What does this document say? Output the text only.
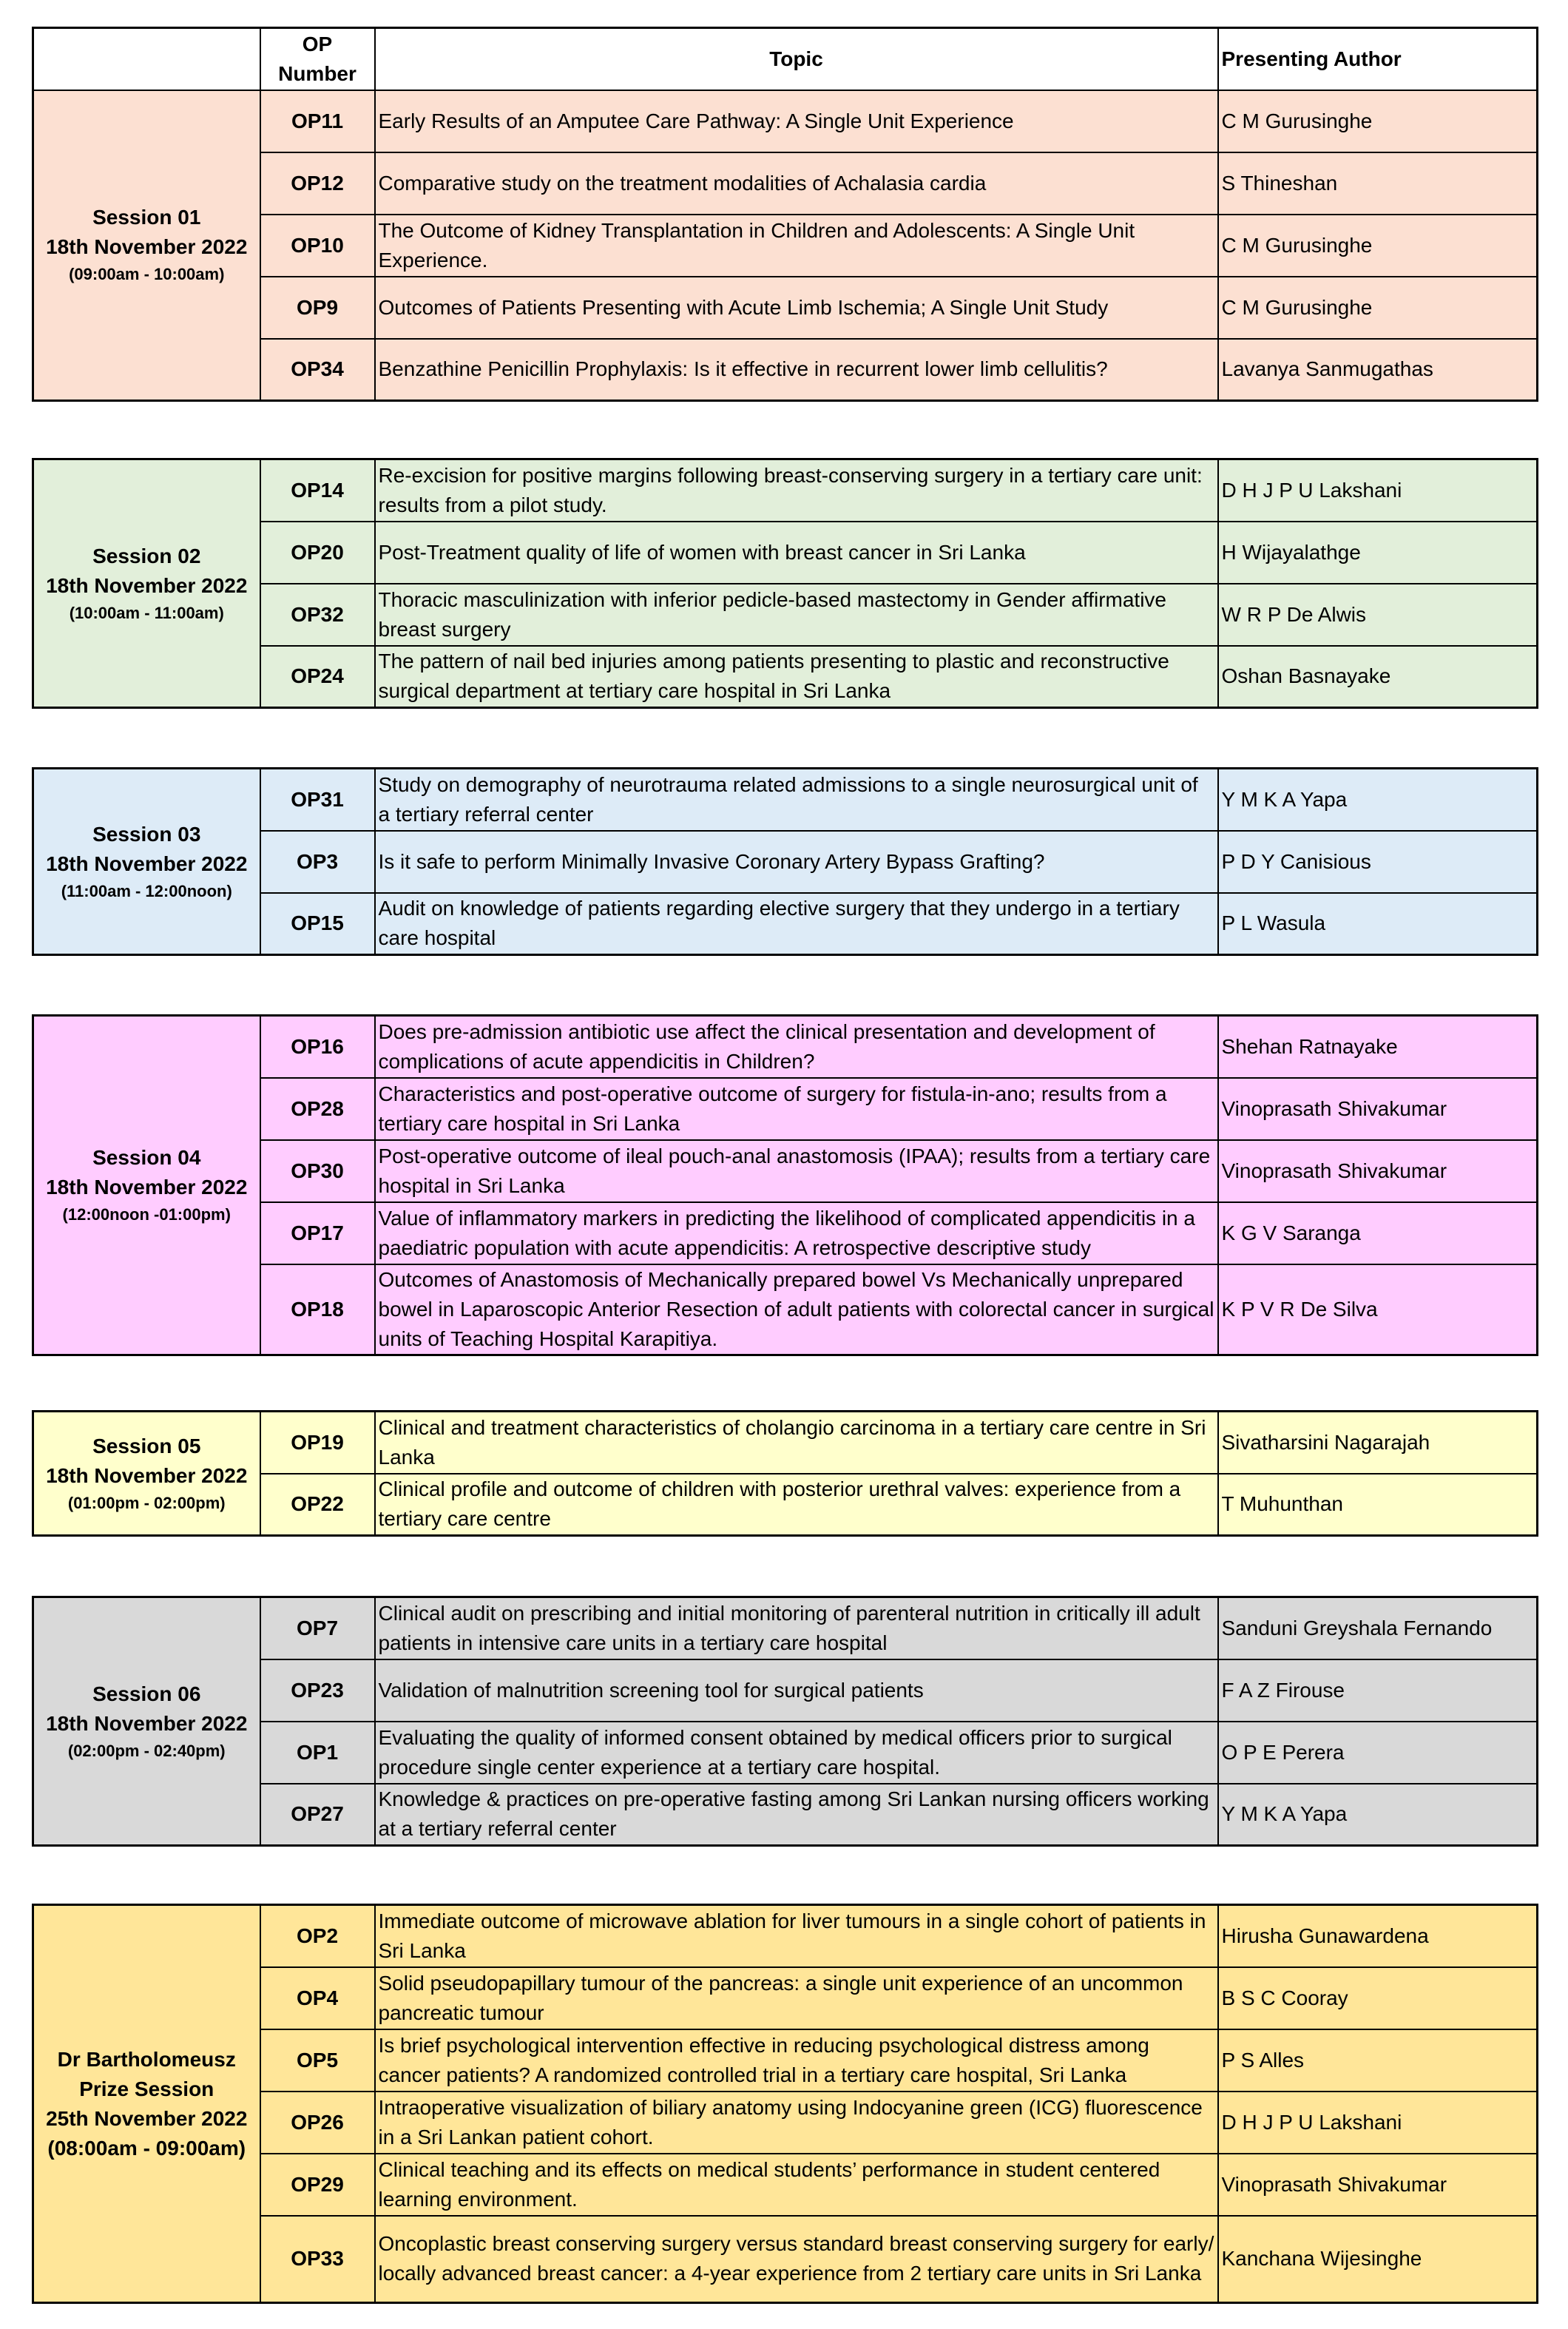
	OP Number	Topic	Presenting Author

Session 01
18th November 2022
(09:00am - 10:00am)	OP11	Early Results of an Amputee Care Pathway: A Single Unit Experience	C M Gurusinghe
	OP12	Comparative study on the treatment modalities of Achalasia cardia	S Thineshan
	OP10	The Outcome of Kidney Transplantation in Children and Adolescents: A Single Unit Experience.	C M Gurusinghe
	OP9	Outcomes of Patients Presenting with Acute Limb Ischemia; A Single Unit Study	C M Gurusinghe
	OP34	Benzathine Penicillin Prophylaxis: Is it effective in recurrent lower limb cellulitis?	Lavanya Sanmugathas
Session 02
18th November 2022
(10:00am - 11:00am)	OP14	Re-excision for positive margins following breast-conserving surgery in a tertiary care unit: results from a pilot study.	D H J P U Lakshani
	OP20	Post-Treatment quality of life of women with breast cancer in Sri Lanka	H Wijayalathge
	OP32	Thoracic masculinization with inferior pedicle-based mastectomy in Gender affirmative breast surgery	W R P De Alwis
	OP24	The pattern of nail bed injuries among patients presenting to plastic and reconstructive surgical department at tertiary care hospital in Sri Lanka	Oshan Basnayake
Session 03
18th November 2022
(11:00am - 12:00noon)	OP31	Study on demography of neurotrauma related admissions to a single neurosurgical unit of a tertiary referral center	Y M K A Yapa
	OP3	Is it safe to perform Minimally Invasive Coronary Artery Bypass Grafting?	P D Y Canisious
	OP15	Audit on knowledge of patients regarding elective surgery that they undergo in a tertiary care hospital	P L Wasula
Session 04
18th November 2022
(12:00noon -01:00pm)	OP16	Does pre-admission antibiotic use affect the clinical presentation and development of complications of acute appendicitis in Children?	Shehan Ratnayake
	OP28	Characteristics and post-operative outcome of surgery for fistula-in-ano; results from a tertiary care hospital in Sri Lanka	Vinoprasath Shivakumar
	OP30	Post-operative outcome of ileal pouch-anal anastomosis (IPAA); results from a tertiary care hospital in Sri Lanka	Vinoprasath Shivakumar
	OP17	Value of inflammatory markers in predicting the likelihood of complicated appendicitis in a paediatric population with acute appendicitis: A retrospective descriptive study	K G V Saranga
	OP18	Outcomes of Anastomosis of Mechanically prepared bowel Vs Mechanically unprepared bowel in Laparoscopic Anterior Resection of adult patients with colorectal cancer in surgical units of Teaching Hospital Karapitiya.	K P V R De Silva
Session 05
18th November 2022
(01:00pm - 02:00pm)	OP19	Clinical and treatment characteristics of cholangio carcinoma in a tertiary care centre in Sri Lanka	Sivatharsini Nagarajah
	OP22	Clinical profile and outcome of children with posterior urethral valves: experience from a tertiary care centre	T Muhunthan
Session 06
18th November 2022
(02:00pm - 02:40pm)	OP7	Clinical audit on prescribing and initial monitoring of parenteral nutrition in critically ill adult patients in intensive care units in a tertiary care hospital	Sanduni Greyshala Fernando
	OP23	Validation of malnutrition screening tool for surgical patients	F A Z Firouse
	OP1	Evaluating the quality of informed consent obtained by medical officers prior to surgical procedure single center experience at a tertiary care hospital.	O P E Perera
	OP27	Knowledge & practices on pre-operative fasting among Sri Lankan nursing officers working at a tertiary referral center	Y M K A Yapa
Dr Bartholomeusz
Prize Session
25th November 2022
(08:00am - 09:00am)	OP2	Immediate outcome of microwave ablation for liver tumours in a single cohort of patients in Sri Lanka	Hirusha Gunawardena
	OP4	Solid pseudopapillary tumour of the pancreas: a single unit experience of an uncommon pancreatic tumour	B S C Cooray
	OP5	Is brief psychological intervention effective in reducing psychological distress among cancer patients? A randomized controlled trial in a tertiary care hospital, Sri Lanka	P S Alles
	OP26	Intraoperative visualization of biliary anatomy using Indocyanine green (ICG) fluorescence in a Sri Lankan patient cohort.	D H J P U Lakshani
	OP29	Clinical teaching and its effects on medical students’ performance in student centered learning environment.	Vinoprasath Shivakumar
	OP33	Oncoplastic breast conserving surgery versus standard breast conserving surgery for early/ locally advanced breast cancer: a 4-year experience from 2 tertiary care units in Sri Lanka	Kanchana Wijesinghe
